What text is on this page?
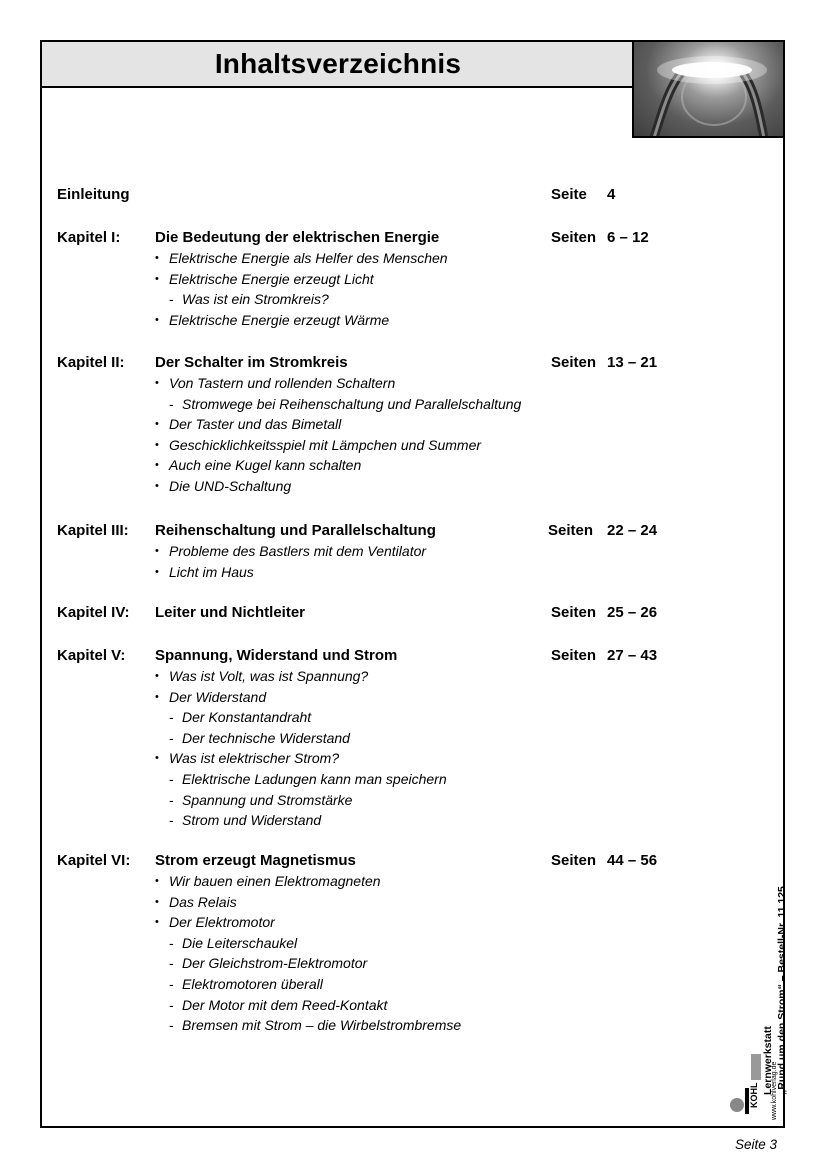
Inhaltsverzeichnis
Einleitung	Seite 4
Kapitel I: Die Bedeutung der elektrischen Energie	Seiten 6 – 12
• Elektrische Energie als Helfer des Menschen
• Elektrische Energie erzeugt Licht
- Was ist ein Stromkreis?
• Elektrische Energie erzeugt Wärme
Kapitel II: Der Schalter im Stromkreis	Seiten 13 – 21
• Von Tastern und rollenden Schaltern
- Stromwege bei Reihenschaltung und Parallelschaltung
• Der Taster und das Bimetall
• Geschicklichkeitsspiel mit Lämpchen und Summer
• Auch eine Kugel kann schalten
• Die UND-Schaltung
Kapitel III: Reihenschaltung und Parallelschaltung	Seiten 22 – 24
• Probleme des Bastlers mit dem Ventilator
• Licht im Haus
Kapitel IV: Leiter und Nichtleiter	Seiten 25 – 26
Kapitel V: Spannung, Widerstand und Strom	Seiten 27 – 43
• Was ist Volt, was ist Spannung?
• Der Widerstand
- Der Konstantandraht
- Der technische Widerstand
• Was ist elektrischer Strom?
- Elektrische Ladungen kann man speichern
- Spannung und Stromstärke
- Strom und Widerstand
Kapitel VI: Strom erzeugt Magnetismus	Seiten 44 – 56
• Wir bauen einen Elektromagneten
• Das Relais
• Der Elektromotor
- Die Leiterschaukel
- Der Gleichstrom-Elektromotor
- Elektromotoren überall
- Der Motor mit dem Reed-Kontakt
- Bremsen mit Strom – die Wirbelstrombremse
Lernwerkstatt „Rund um den Strom“ – Bestell-Nr. 11 125
www.kohlverlag.de
KOHL
Seite 3
